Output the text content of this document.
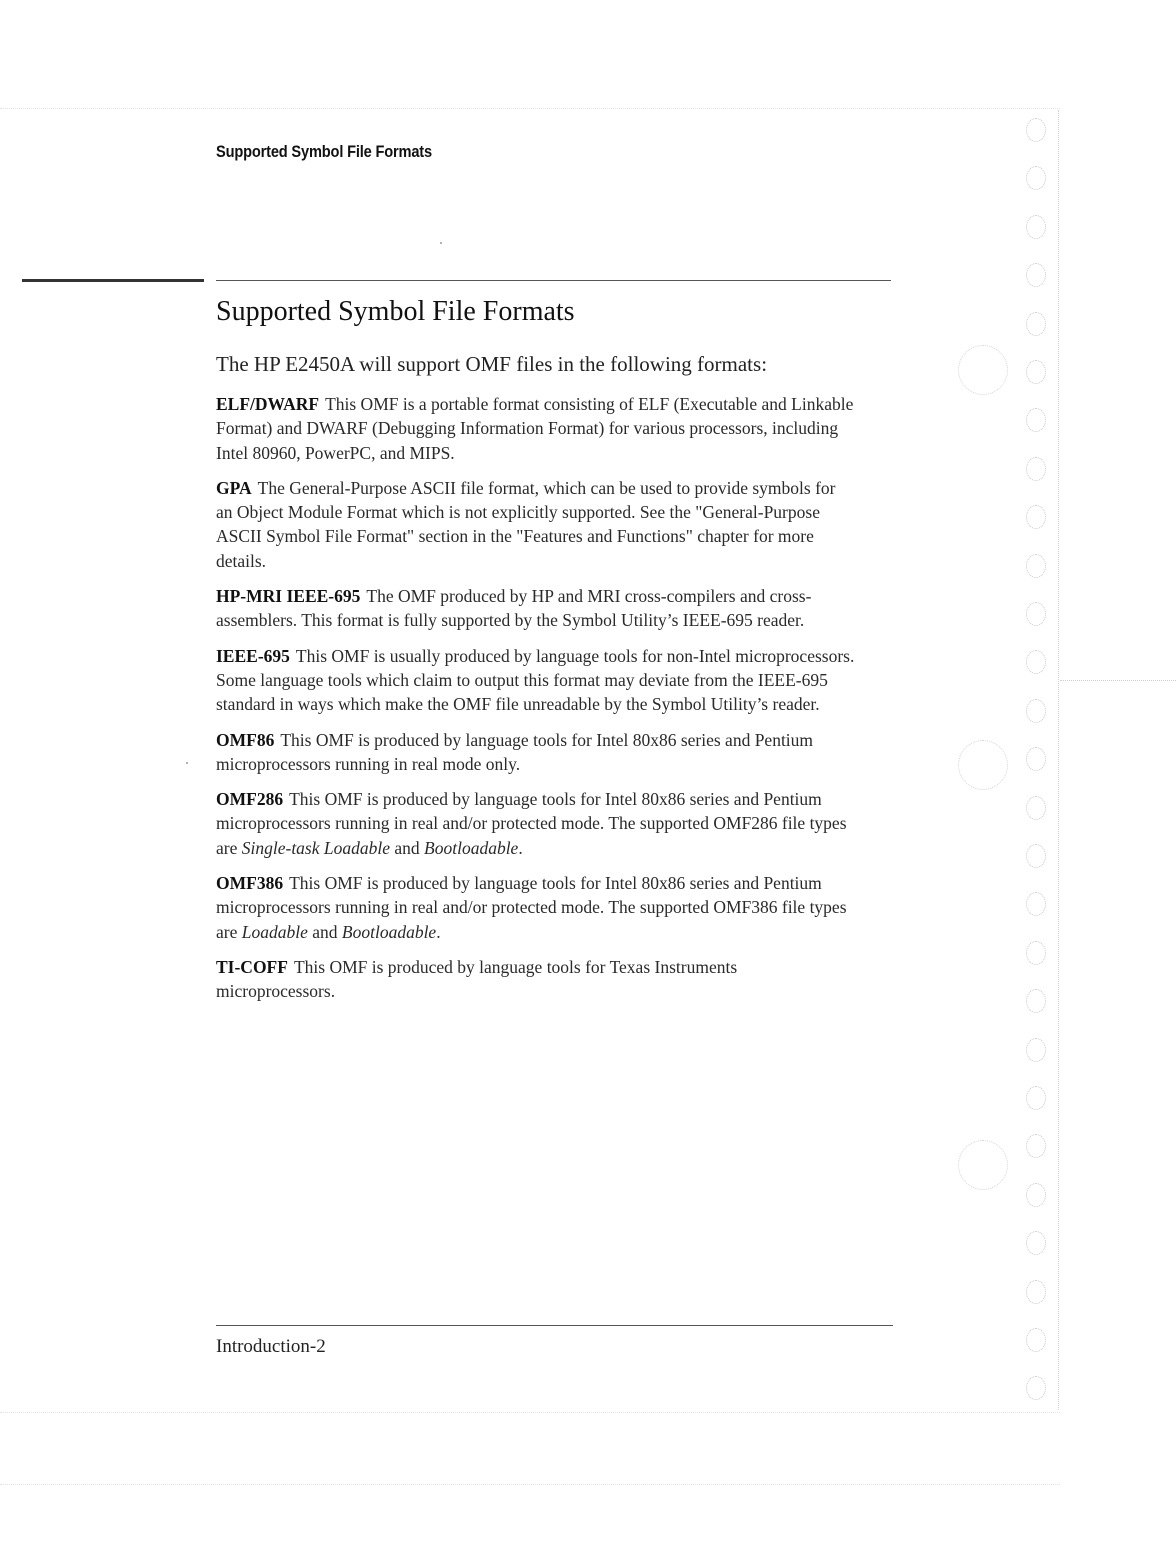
Supported Symbol File Formats
Supported Symbol File Formats

The HP E2450A will support OMF files in the following formats:

ELF/DWARF This OMF is a portable format consisting of ELF (Executable and Linkable Format) and DWARF (Debugging Information Format) for various processors, including Intel 80960, PowerPC, and MIPS.

GPA The General-Purpose ASCII file format, which can be used to provide symbols for an Object Module Format which is not explicitly supported. See the "General-Purpose ASCII Symbol File Format" section in the "Features and Functions" chapter for more details.

HP-MRI IEEE-695 The OMF produced by HP and MRI cross-compilers and cross-assemblers. This format is fully supported by the Symbol Utility’s IEEE-695 reader.

IEEE-695 This OMF is usually produced by language tools for non-Intel microprocessors. Some language tools which claim to output this format may deviate from the IEEE-695 standard in ways which make the OMF file unreadable by the Symbol Utility’s reader.

OMF86 This OMF is produced by language tools for Intel 80x86 series and Pentium microprocessors running in real mode only.

OMF286 This OMF is produced by language tools for Intel 80x86 series and Pentium microprocessors running in real and/or protected mode. The supported OMF286 file types are Single-task Loadable and Bootloadable.

OMF386 This OMF is produced by language tools for Intel 80x86 series and Pentium microprocessors running in real and/or protected mode. The supported OMF386 file types are Loadable and Bootloadable.

TI-COFF This OMF is produced by language tools for Texas Instruments microprocessors.

Introduction-2
